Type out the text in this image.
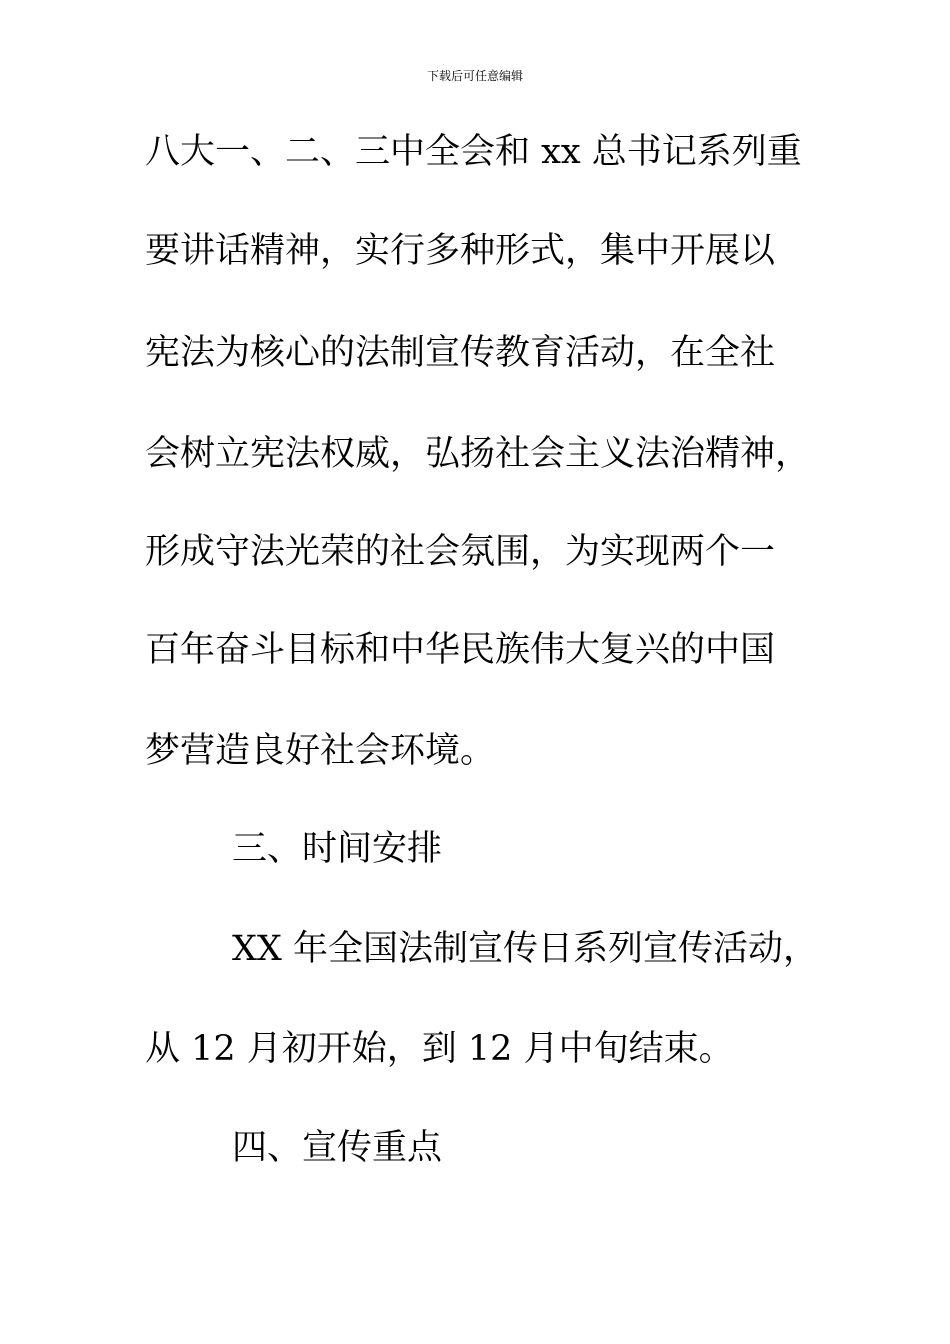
下载后可任意编辑
八大一、二、三中全会和 xx 总书记系列重
要讲话精神，实行多种形式，集中开展以
宪法为核心的法制宣传教育活动，在全社
会树立宪法权威，弘扬社会主义法治精神，
形成守法光荣的社会氛围，为实现两个一
百年奋斗目标和中华民族伟大复兴的中国
梦营造良好社会环境。
三、时间安排
XX 年全国法制宣传日系列宣传活动，
从 12 月初开始，到 12 月中旬结束。
四、宣传重点
